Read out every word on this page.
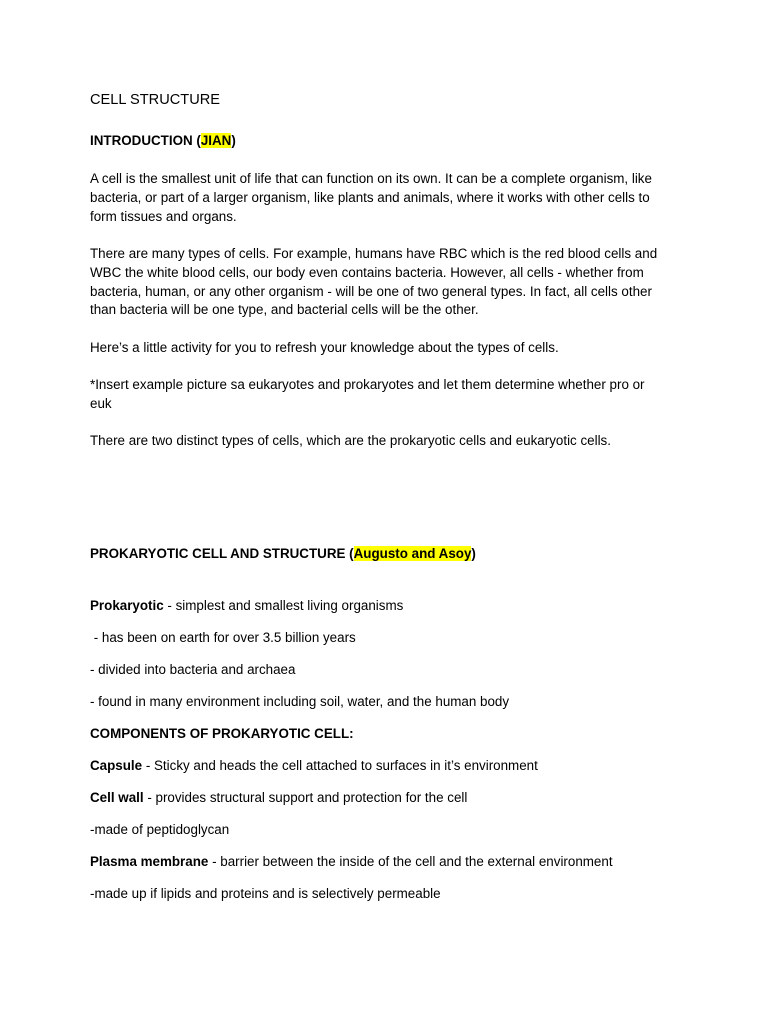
CELL STRUCTURE

INTRODUCTION (JIAN)

A cell is the smallest unit of life that can function on its own. It can be a complete organism, like

bacteria, or part of a larger organism, like plants and animals, where it works with other cells to

form tissues and organs.

There are many types of cells. For example, humans have RBC which is the red blood cells and

WBC the white blood cells, our body even contains bacteria. However, all cells - whether from

bacteria, human, or any other organism - will be one of two general types. In fact, all cells other

than bacteria will be one type, and bacterial cells will be the other.

Here’s a little activity for you to refresh your knowledge about the types of cells.

*Insert example picture sa eukaryotes and prokaryotes and let them determine whether pro or

euk

There are two distinct types of cells, which are the prokaryotic cells and eukaryotic cells.

PROKARYOTIC CELL AND STRUCTURE (Augusto and Asoy)

Prokaryotic - simplest and smallest living organisms

- has been on earth for over 3.5 billion years

- divided into bacteria and archaea

- found in many environment including soil, water, and the human body

COMPONENTS OF PROKARYOTIC CELL:

Capsule - Sticky and heads the cell attached to surfaces in it’s environment

Cell wall - provides structural support and protection for the cell

-made of peptidoglycan

Plasma membrane - barrier between the inside of the cell and the external environment

-made up if lipids and proteins and is selectively permeable
